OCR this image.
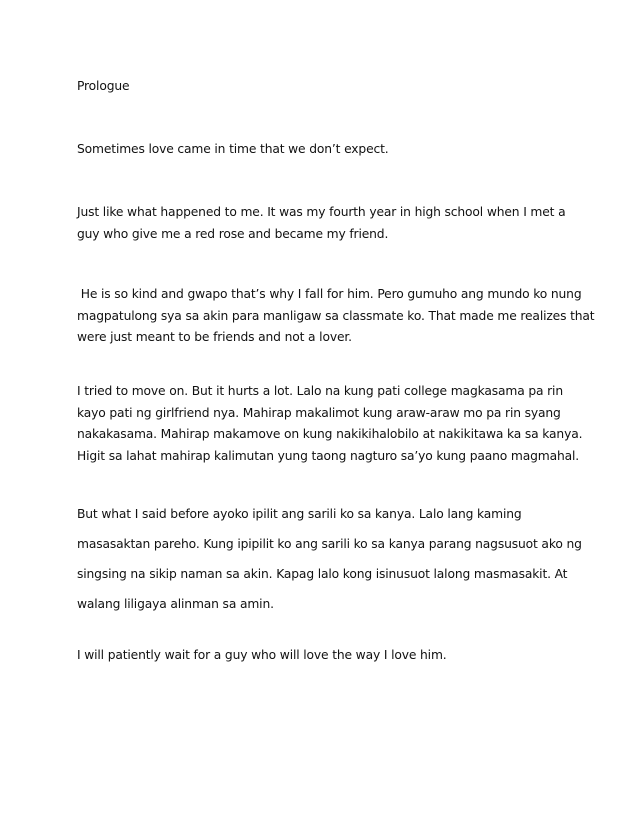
Prologue

Sometimes love came in time that we don’t expect.

Just like what happened to me. It was my fourth year in high school when I met a
guy who give me a red rose and became my friend.

He is so kind and gwapo that’s why I fall for him. Pero gumuho ang mundo ko nung
magpatulong sya sa akin para manligaw sa classmate ko. That made me realizes that
were just meant to be friends and not a lover.

I tried to move on. But it hurts a lot. Lalo na kung pati college magkasama pa rin
kayo pati ng girlfriend nya. Mahirap makalimot kung araw-araw mo pa rin syang
nakakasama. Mahirap makamove on kung nakikihalobilo at nakikitawa ka sa kanya.
Higit sa lahat mahirap kalimutan yung taong nagturo sa’yo kung paano magmahal.

But what I said before ayoko ipilit ang sarili ko sa kanya. Lalo lang kaming
masasaktan pareho. Kung ipipilit ko ang sarili ko sa kanya parang nagsusuot ako ng
singsing na sikip naman sa akin. Kapag lalo kong isinusuot lalong masmasakit. At
walang liligaya alinman sa amin.

I will patiently wait for a guy who will love the way I love him.
